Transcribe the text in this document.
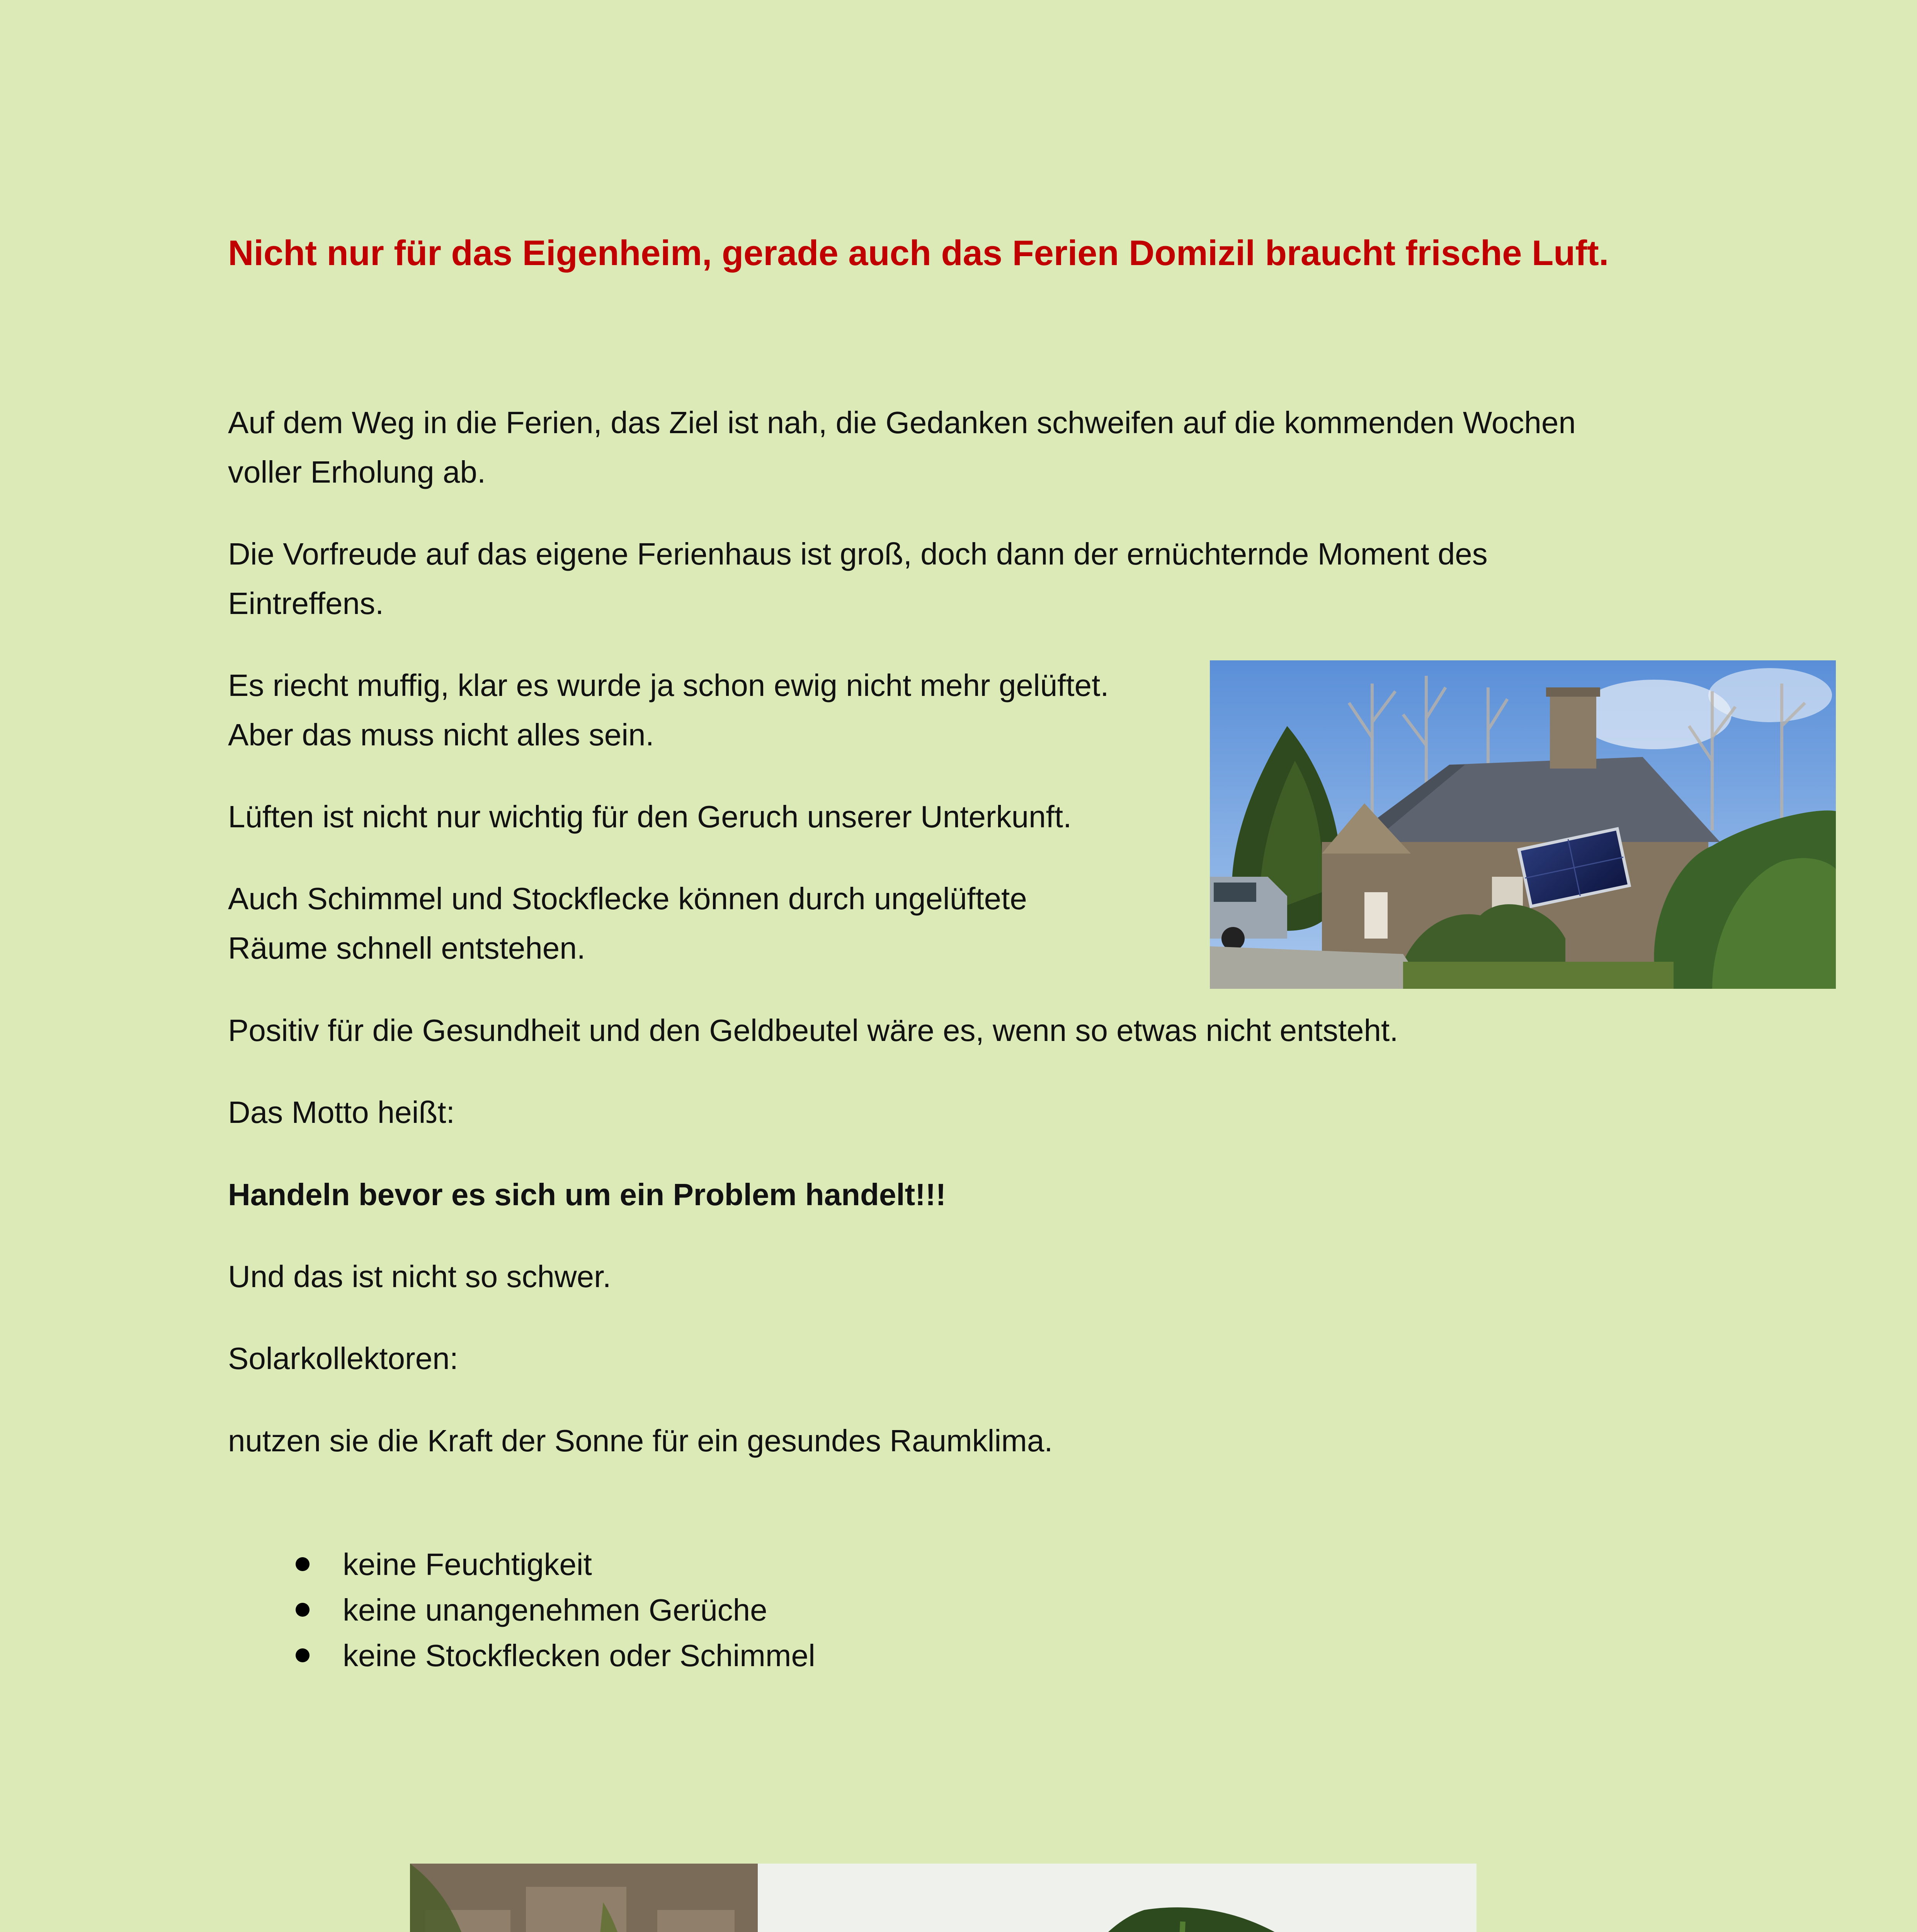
Nicht nur für das Eigenheim, gerade auch das Ferien Domizil braucht frische Luft.

Auf dem Weg in die Ferien, das Ziel ist nah, die Gedanken schweifen auf die kommenden Wochen

voller Erholung ab.

Die Vorfreude auf das eigene Ferienhaus ist groß, doch dann der ernüchternde Moment des

Eintreffens.

Es riecht muffig, klar es wurde ja schon ewig nicht mehr gelüftet.

Aber das muss nicht alles sein.

Lüften ist nicht nur wichtig für den Geruch unserer Unterkunft.

Auch Schimmel und Stockflecke können durch ungelüftete

Räume schnell entstehen.

Positiv für die Gesundheit und den Geldbeutel wäre es, wenn so etwas nicht entsteht.

Das Motto heißt:

Handeln bevor es sich um ein Problem handelt!!!

Und das ist nicht so schwer.

Solarkollektoren:

nutzen sie die Kraft der Sonne für ein gesundes Raumklima.

keine Feuchtigkeit
keine unangenehmen Gerüche
keine Stockflecken oder Schimmel
